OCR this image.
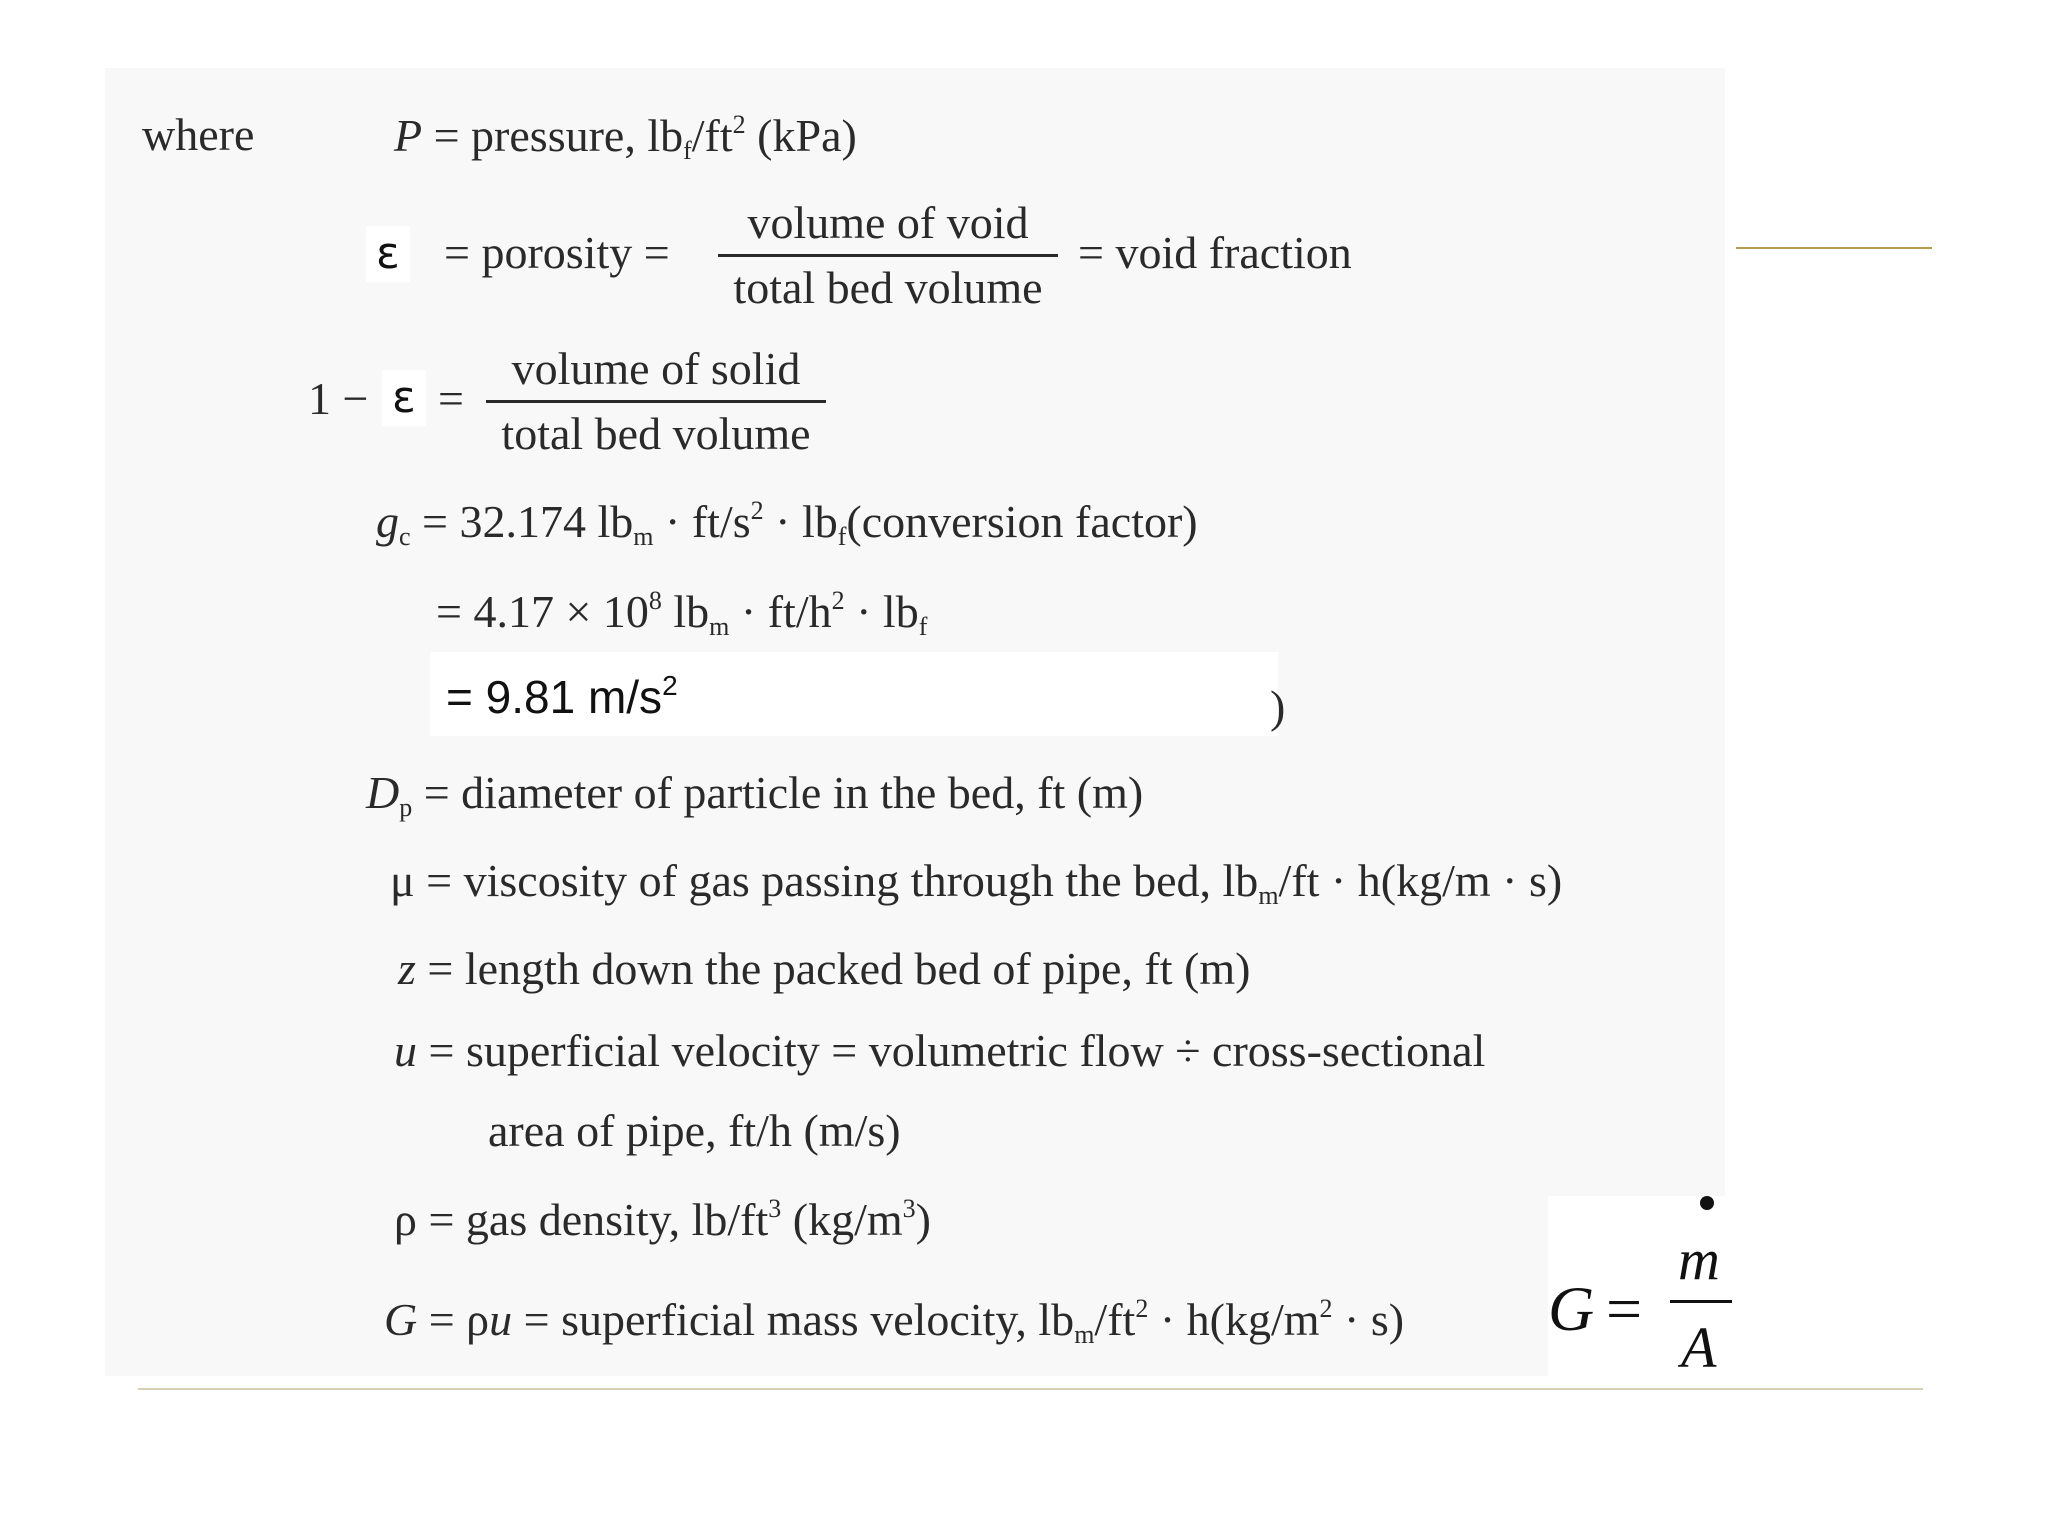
where	P = pressure, $lb_f/ft^2$ (kPa)
ε = porosity =
volume of void
total bed volume
= void fraction
1 − ε =
volume of solid
total bed volume
$g_c = 32.174$ $lb_m \cdot ft/s^2$ · $lb_f(conversion$ factor)
= $4.17 \times 10^8$ $lb_m \cdot ft/h^2 \cdot lb_f$
= 9.81 $m/s^2$	)
$D_p$ = diameter of particle in the bed, ft (m)
μ = viscosity of gas passing through the bed, $lb_m/ft \cdot h(kg/m \cdot s)$
z = length down the packed bed of pipe, ft (m)
u = superficial velocity = volumetric flow ÷ cross-sectional
area of pipe, ft/h (m/s)
ρ = gas density, $lb/ft^3$ $(kg/m^3)$
G = ρu = superficial mass velocity, $lb_m/ft^2 \cdot h(kg/m^2 \cdot s) G$ =
m
A
